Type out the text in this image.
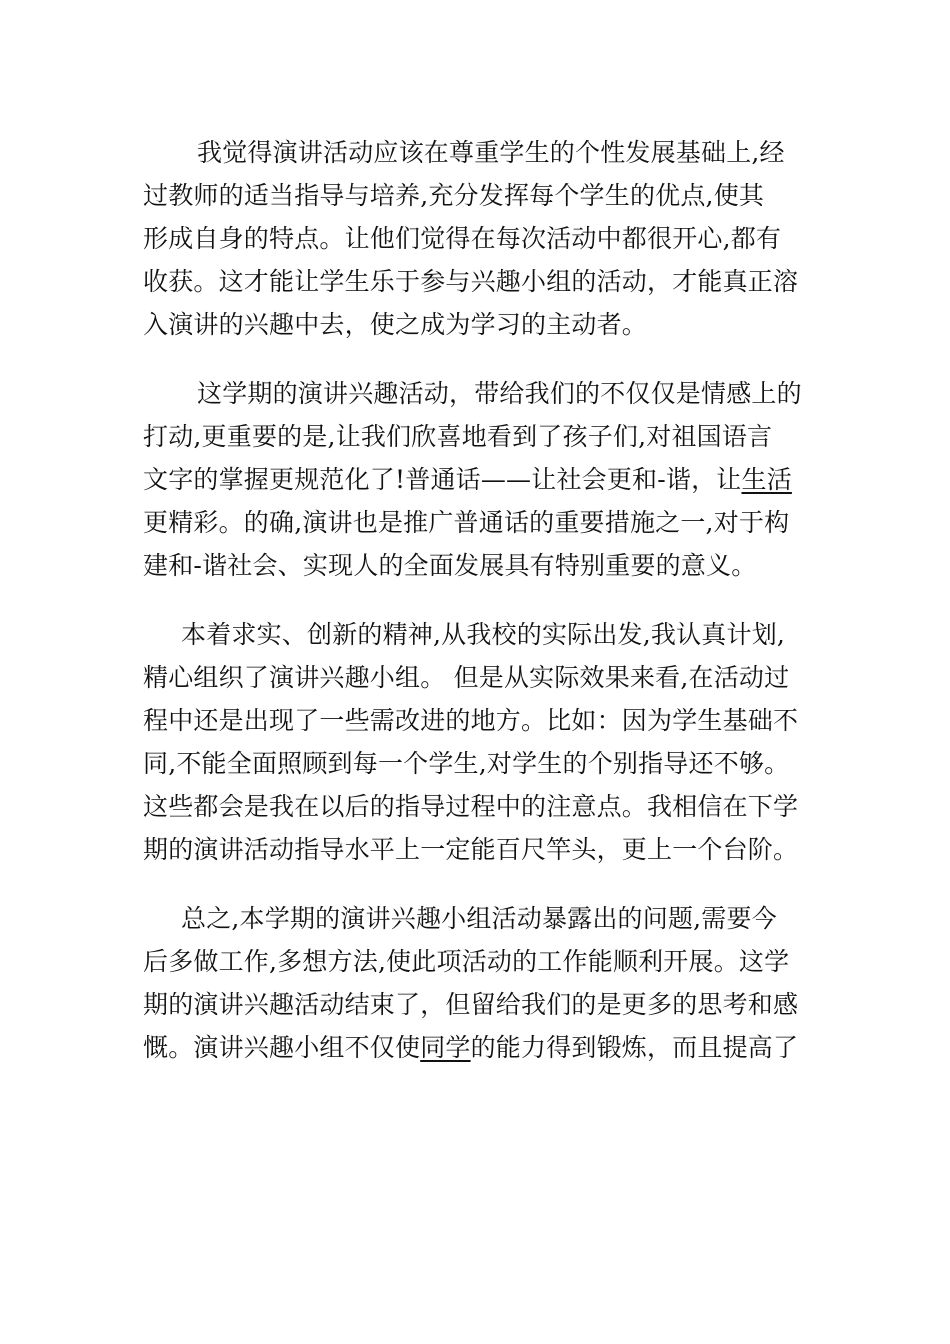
我觉得演讲活动应该在尊重学生的个性发展基础上,经
过教师的适当指导与培养,充分发挥每个学生的优点,使其
形成自身的特点。让他们觉得在每次活动中都很开心,都有
收获。这才能让学生乐于参与兴趣小组的活动，才能真正溶
入演讲的兴趣中去，使之成为学习的主动者。
这学期的演讲兴趣活动，带给我们的不仅仅是情感上的
打动,更重要的是,让我们欣喜地看到了孩子们,对祖国语言
文字的掌握更规范化了!普通话——让社会更和-谐，让生活
更精彩。的确,演讲也是推广普通话的重要措施之一,对于构
建和-谐社会、实现人的全面发展具有特别重要的意义。
本着求实、创新的精神,从我校的实际出发,我认真计划,
精心组织了演讲兴趣小组。 但是从实际效果来看,在活动过
程中还是出现了一些需改进的地方。比如：因为学生基础不
同,不能全面照顾到每一个学生,对学生的个别指导还不够。
这些都会是我在以后的指导过程中的注意点。我相信在下学
期的演讲活动指导水平上一定能百尺竿头，更上一个台阶。
总之,本学期的演讲兴趣小组活动暴露出的问题,需要今
后多做工作,多想方法,使此项活动的工作能顺利开展。这学
期的演讲兴趣活动结束了，但留给我们的是更多的思考和感
慨。演讲兴趣小组不仅使同学的能力得到锻炼，而且提高了
